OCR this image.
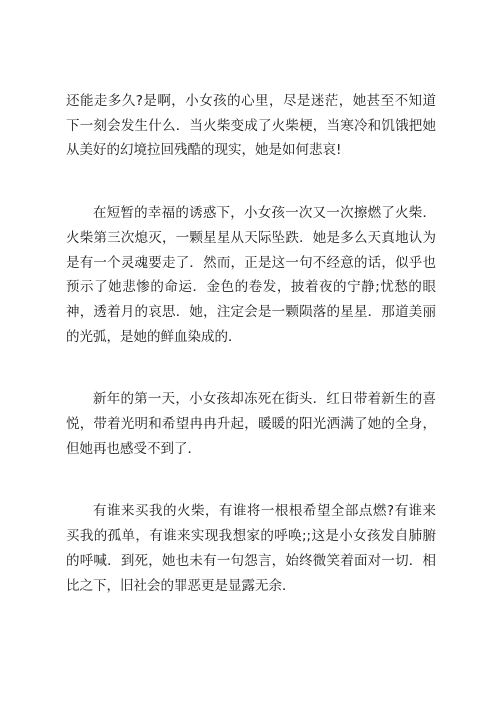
还能走多久?是啊，小女孩的心里，尽是迷茫，她甚至不知道下一刻会发生什么．当火柴变成了火柴梗，当寒冷和饥饿把她从美好的幻境拉回残酷的现实，她是如何悲哀!

在短暂的幸福的诱惑下，小女孩一次又一次擦燃了火柴．火柴第三次熄灭，一颗星星从天际坠跌．她是多么天真地认为是有一个灵魂要走了．然而，正是这一句不经意的话，似乎也预示了她悲惨的命运．金色的卷发，披着夜的宁静;忧愁的眼神，透着月的哀思．她，注定会是一颗陨落的星星．那道美丽的光弧，是她的鲜血染成的．

新年的第一天，小女孩却冻死在街头．红日带着新生的喜悦，带着光明和希望冉冉升起，暖暖的阳光洒满了她的全身，但她再也感受不到了．

有谁来买我的火柴，有谁将一根根希望全部点燃?有谁来买我的孤单，有谁来实现我想家的呼唤;;这是小女孩发自肺腑的呼喊．到死，她也未有一句怨言，始终微笑着面对一切．相比之下，旧社会的罪恶更是显露无余．
